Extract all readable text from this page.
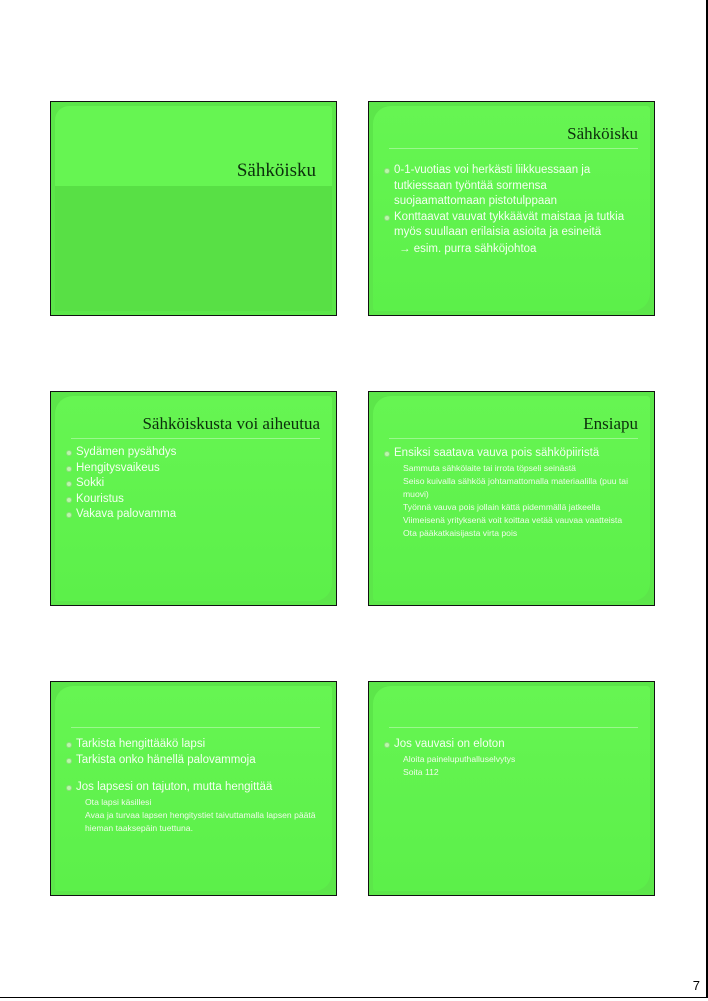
7
Sähköisku
Sähköisku
0-1-vuotias voi herkästi liikkuessaan ja tutkiessaan työntää sormensa suojaamattomaan pistotulppaan
Konttaavat vauvat tykkäävät maistaa ja tutkia myös suullaan erilaisia asioita ja esineitä
→ esim. purra sähköjohtoa
Sähköiskusta voi aiheutua
Sydämen pysähdys
Hengitysvaikeus
Sokki
Kouristus
Vakava palovamma
Ensiapu
Ensiksi saatava vauva pois sähköpiiristä
Sammuta sähkölaite tai irrota töpseli seinästä
Seiso kuivalla sähköä johtamattomalla materiaalilla (puu tai muovi)
Työnnä vauva pois jollain kättä pidemmällä jatkeella
Viimeisenä yrityksenä voit koittaa vetää vauvaa vaatteista
Ota pääkatkaisijasta virta pois
Tarkista hengittääkö lapsi
Tarkista onko hänellä palovammoja
Jos lapsesi on tajuton, mutta hengittää
Ota lapsi käsillesi
Avaa ja turvaa lapsen hengitystiet taivuttamalla lapsen päätä hieman taaksepäin tuettuna.
Jos vauvasi on eloton
Aloita paineluputhalluselvytys
Soita 112
